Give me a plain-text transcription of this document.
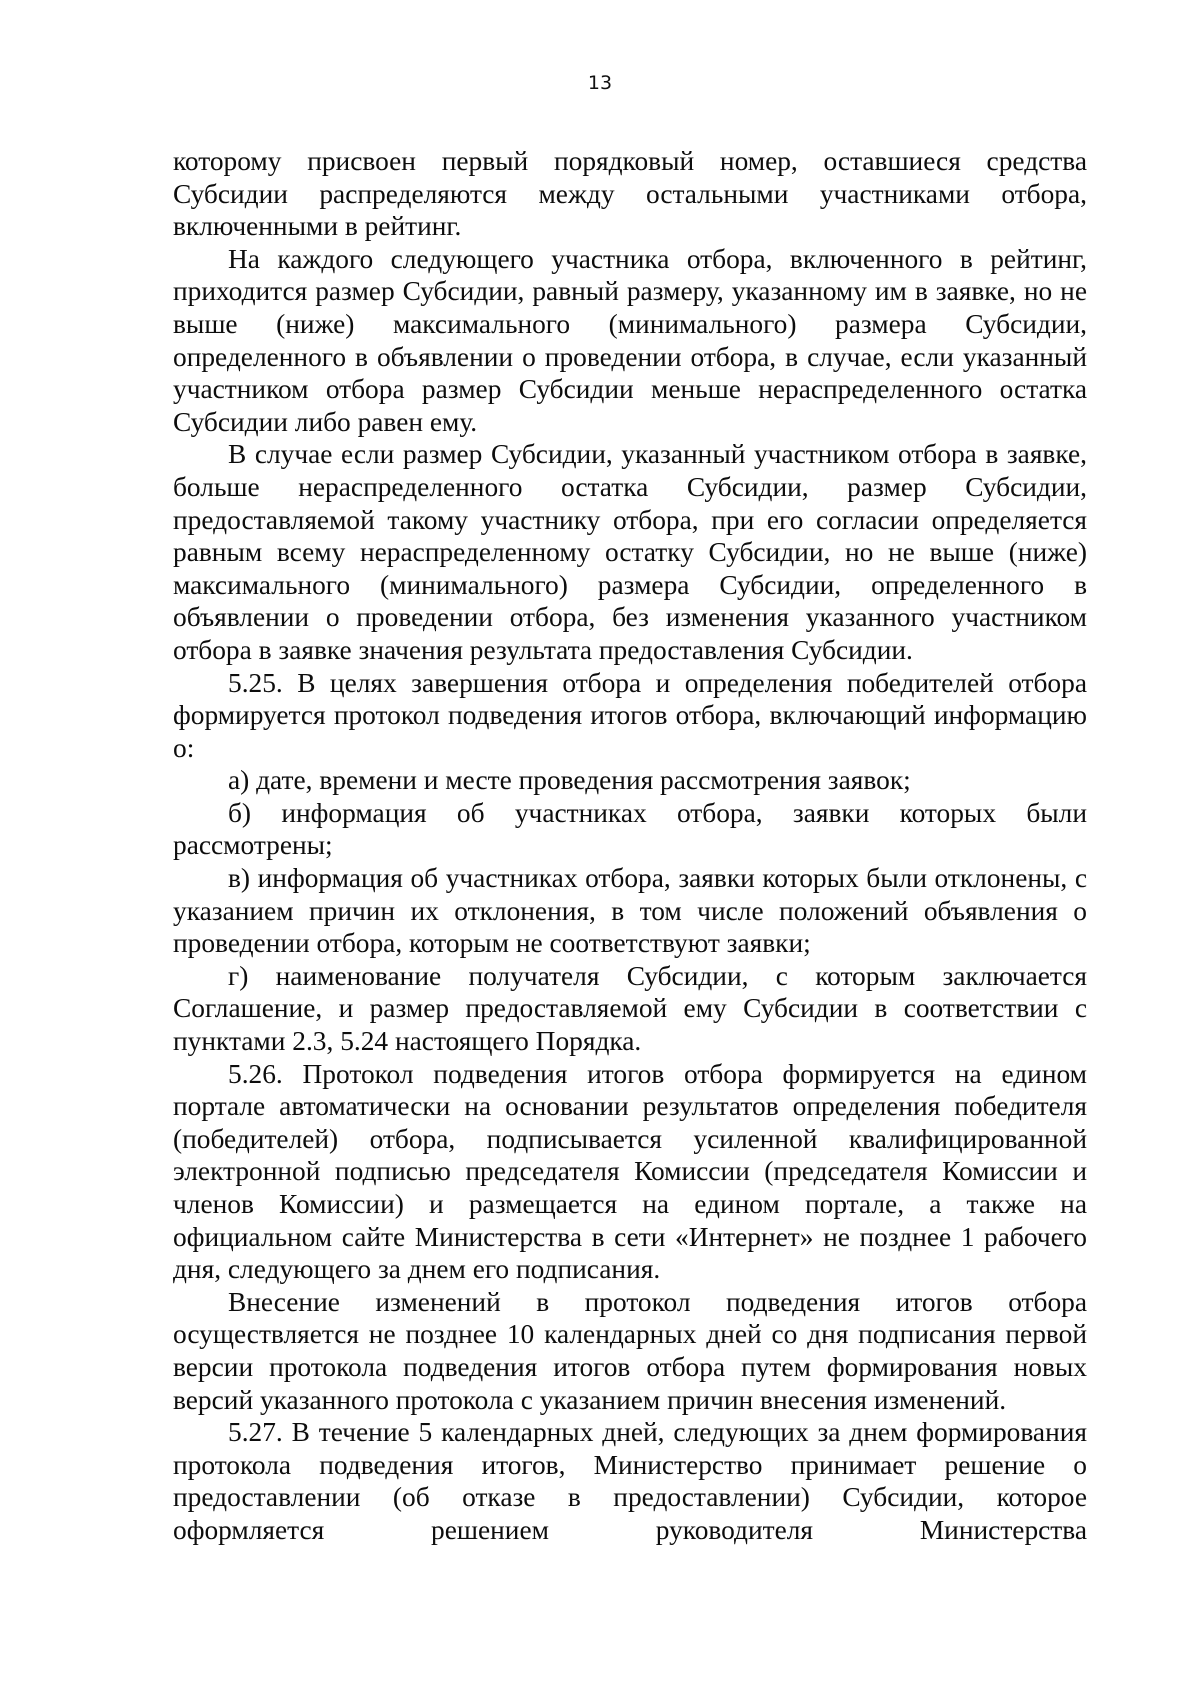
13

которому присвоен первый порядковый номер, оставшиеся средства Субсидии распределяются между остальными участниками отбора, включенными в рейтинг.

На каждого следующего участника отбора, включенного в рейтинг, приходится размер Субсидии, равный размеру, указанному им в заявке, но не выше (ниже) максимального (минимального) размера Субсидии, определенного в объявлении о проведении отбора, в случае, если указанный участником отбора размер Субсидии меньше нераспределенного остатка Субсидии либо равен ему.

В случае если размер Субсидии, указанный участником отбора в заявке, больше нераспределенного остатка Субсидии, размер Субсидии, предоставляемой такому участнику отбора, при его согласии определяется равным всему нераспределенному остатку Субсидии, но не выше (ниже) максимального (минимального) размера Субсидии, определенного в объявлении о проведении отбора, без изменения указанного участником отбора в заявке значения результата предоставления Субсидии.

5.25. В целях завершения отбора и определения победителей отбора формируется протокол подведения итогов отбора, включающий информацию о:

а) дате, времени и месте проведения рассмотрения заявок;

б) информация об участниках отбора, заявки которых были рассмотрены;

в) информация об участниках отбора, заявки которых были отклонены, с указанием причин их отклонения, в том числе положений объявления о проведении отбора, которым не соответствуют заявки;

г) наименование получателя Субсидии, с которым заключается Соглашение, и размер предоставляемой ему Субсидии в соответствии с пунктами 2.3, 5.24 настоящего Порядка.

5.26. Протокол подведения итогов отбора формируется на едином портале автоматически на основании результатов определения победителя (победителей) отбора, подписывается усиленной квалифицированной электронной подписью председателя Комиссии (председателя Комиссии и членов Комиссии) и размещается на едином портале, а также на официальном сайте Министерства в сети «Интернет» не позднее 1 рабочего дня, следующего за днем его подписания.

Внесение изменений в протокол подведения итогов отбора осуществляется не позднее 10 календарных дней со дня подписания первой версии протокола подведения итогов отбора путем формирования новых версий указанного протокола с указанием причин внесения изменений.

5.27. В течение 5 календарных дней, следующих за днем формирования протокола подведения итогов, Министерство принимает решение о предоставлении (об отказе в предоставлении) Субсидии, которое оформляется решением руководителя Министерства
